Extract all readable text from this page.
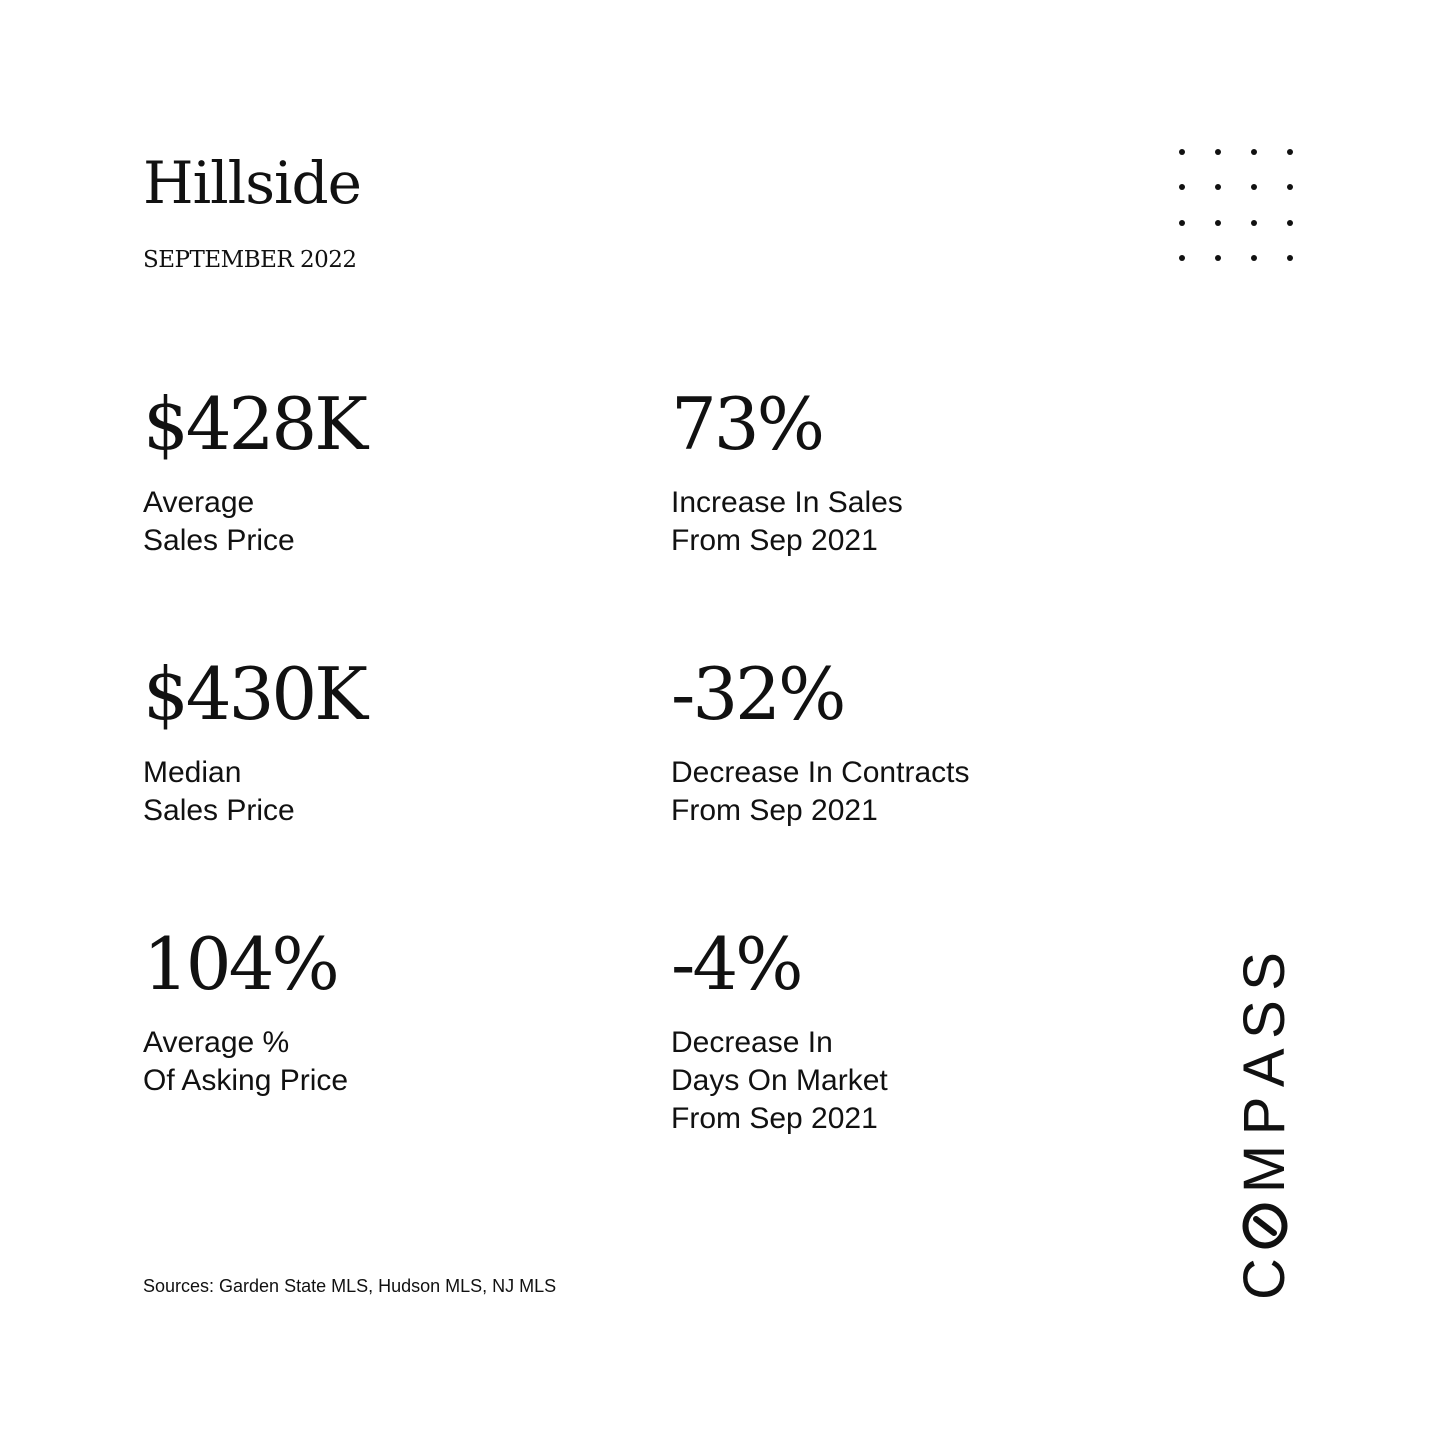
Hillside
SEPTEMBER 2022
$428K
Average
Sales Price
73%
Increase In Sales
From Sep 2021
$430K
Median
Sales Price
-32%
Decrease In Contracts
From Sep 2021
104%
Average %
Of Asking Price
-4%
Decrease In
Days On Market
From Sep 2021
Sources: Garden State MLS, Hudson MLS, NJ MLS	C
M
P
A
S
S
